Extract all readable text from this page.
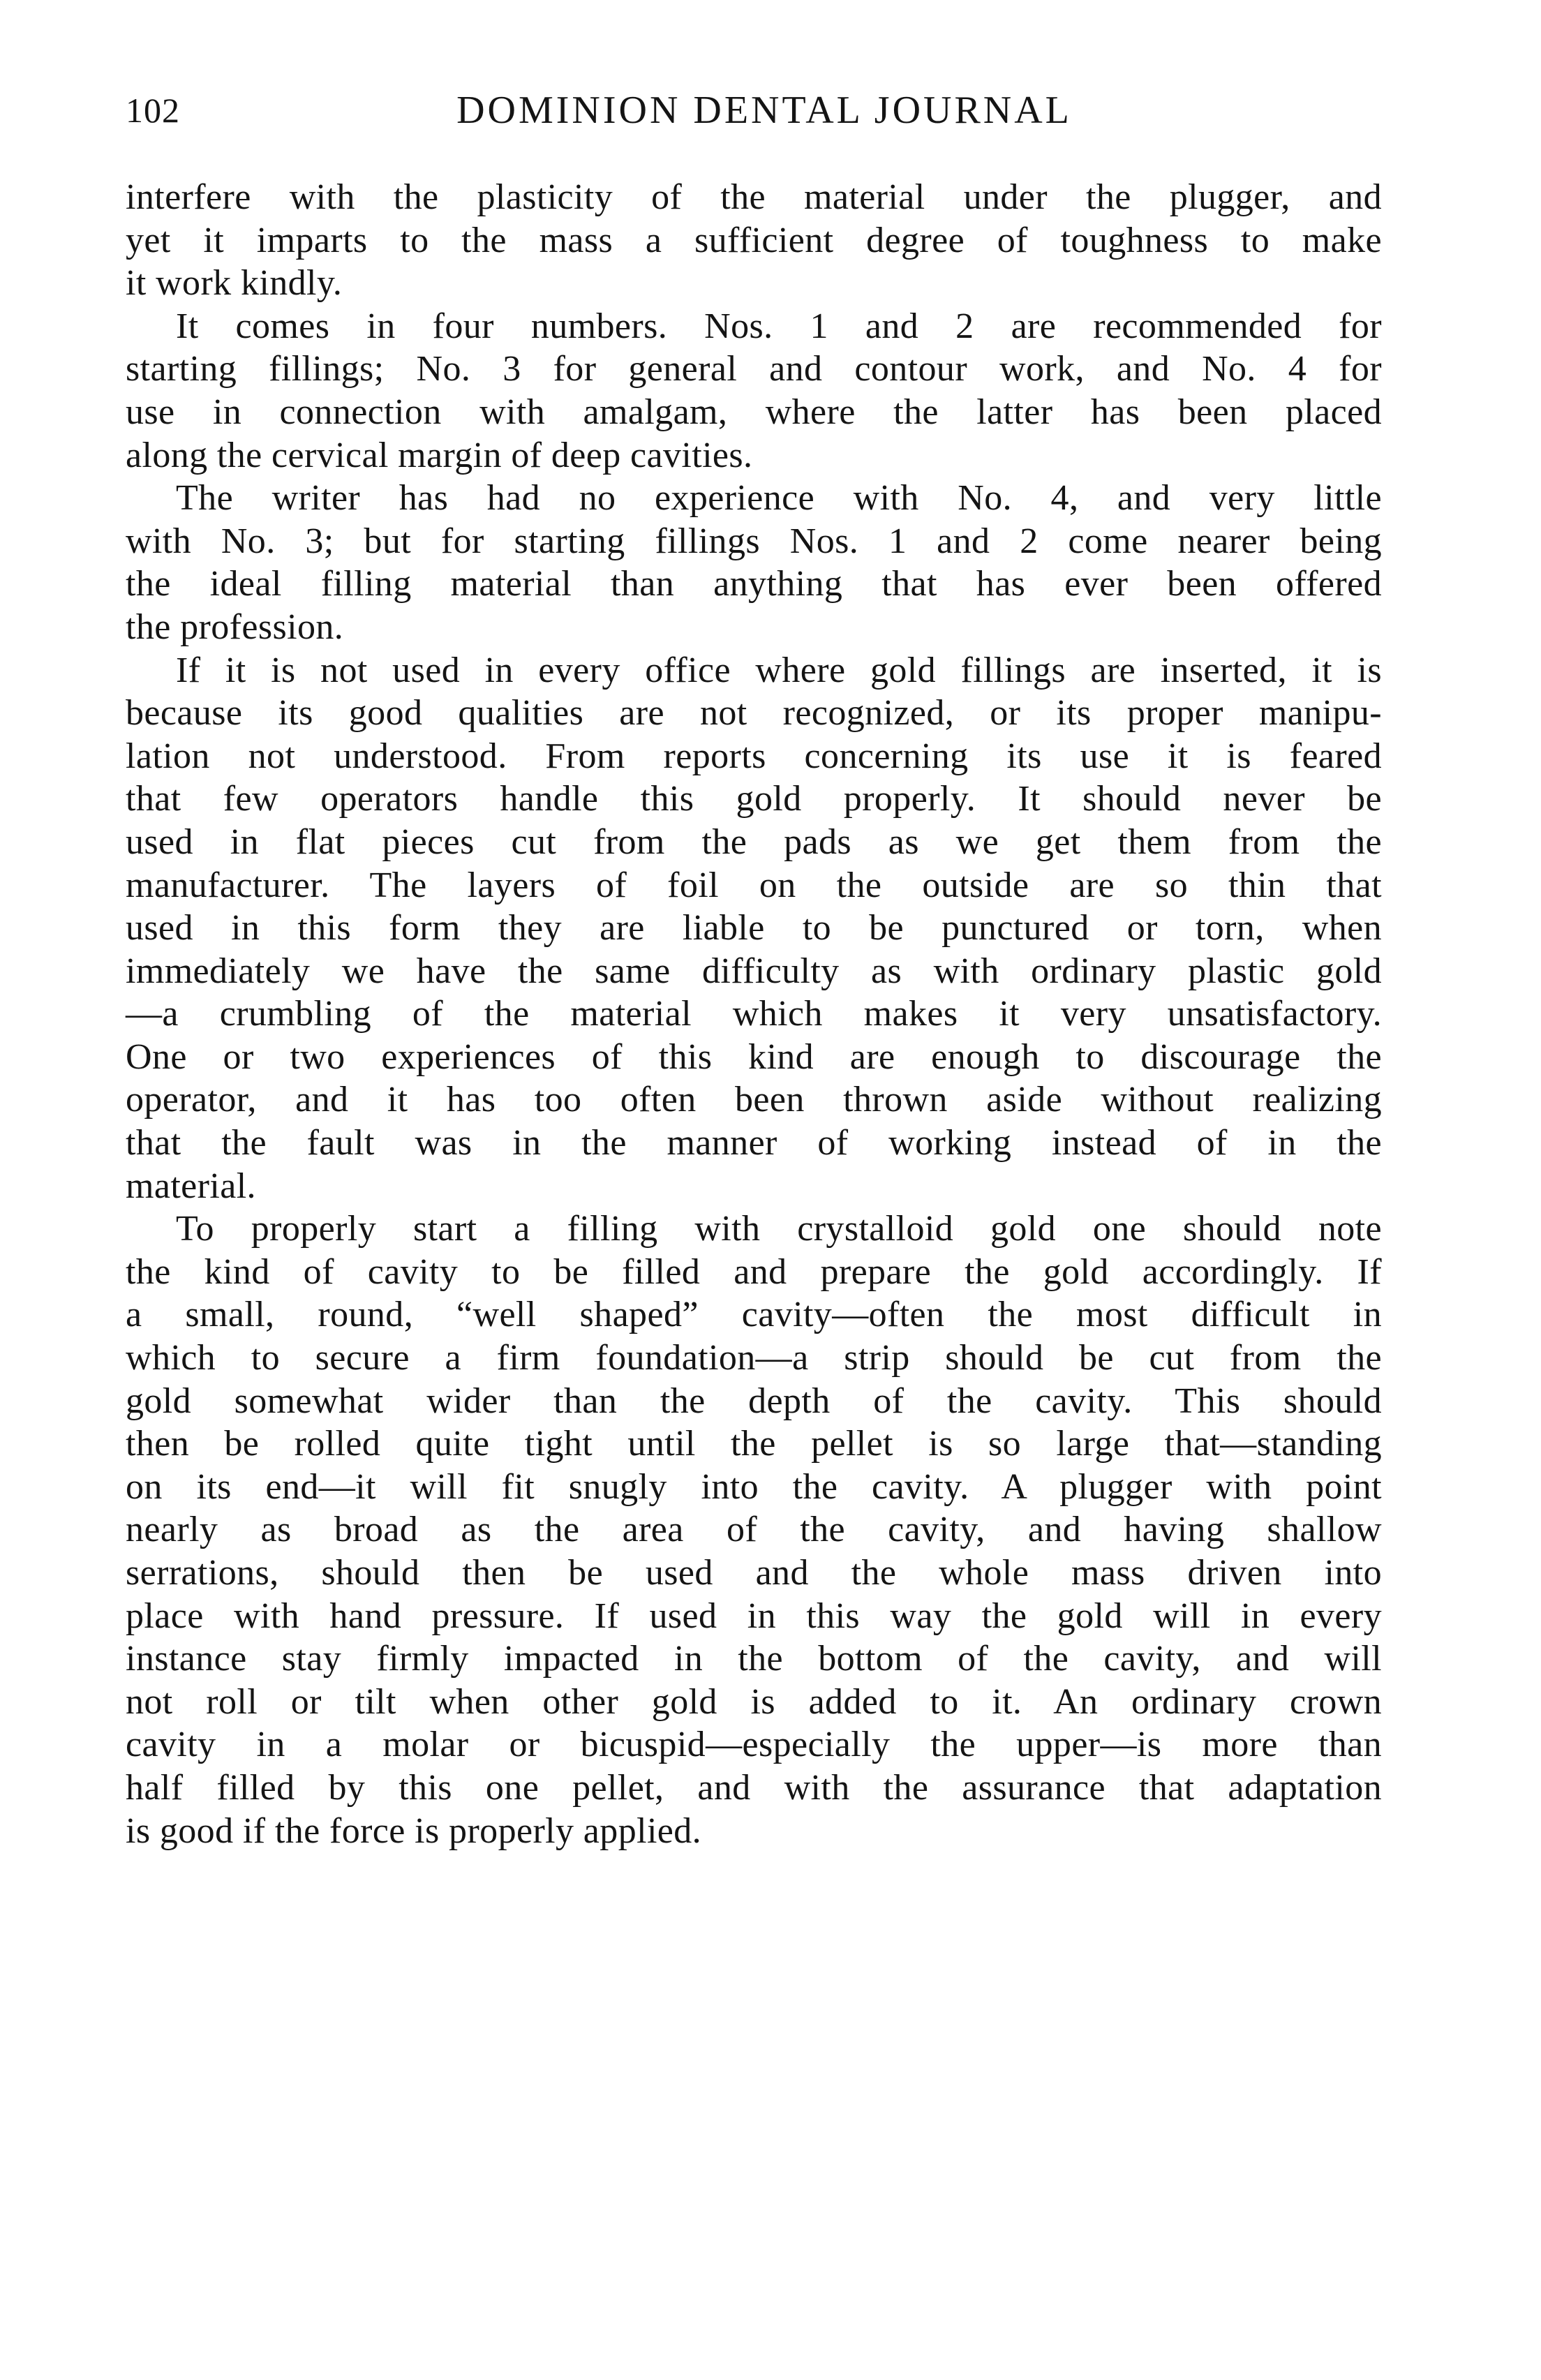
102	DOMINION DENTAL JOURNAL

interfere with the plasticity of the material under the plugger, and
yet it imparts to the mass a sufficient degree of toughness to make
it work kindly.

It comes in four numbers. Nos. 1 and 2 are recommended for
starting fillings; No. 3 for general and contour work, and No. 4 for
use in connection with amalgam, where the latter has been placed
along the cervical margin of deep cavities.

The writer has had no experience with No. 4, and very little
with No. 3; but for starting fillings Nos. 1 and 2 come nearer being
the ideal filling material than anything that has ever been offered
the profession.

If it is not used in every office where gold fillings are inserted, it is
because its good qualities are not recognized, or its proper manipu-
lation not understood. From reports concerning its use it is feared
that few operators handle this gold properly. It should never be
used in flat pieces cut from the pads as we get them from the
manufacturer. The layers of foil on the outside are so thin that
used in this form they are liable to be punctured or torn, when
immediately we have the same difficulty as with ordinary plastic gold
—a crumbling of the material which makes it very unsatisfactory.
One or two experiences of this kind are enough to discourage the
operator, and it has too often been thrown aside without realizing
that the fault was in the manner of working instead of in the
material.

To properly start a filling with crystalloid gold one should note
the kind of cavity to be filled and prepare the gold accordingly. If
a small, round, “well shaped” cavity—often the most difficult in
which to secure a firm foundation—a strip should be cut from the
gold somewhat wider than the depth of the cavity. This should
then be rolled quite tight until the pellet is so large that—standing
on its end—it will fit snugly into the cavity. A plugger with point
nearly as broad as the area of the cavity, and having shallow
serrations, should then be used and the whole mass driven into
place with hand pressure. If used in this way the gold will in every
instance stay firmly impacted in the bottom of the cavity, and will
not roll or tilt when other gold is added to it. An ordinary crown
cavity in a molar or bicuspid—especially the upper—is more than
half filled by this one pellet, and with the assurance that adaptation
is good if the force is properly applied.
